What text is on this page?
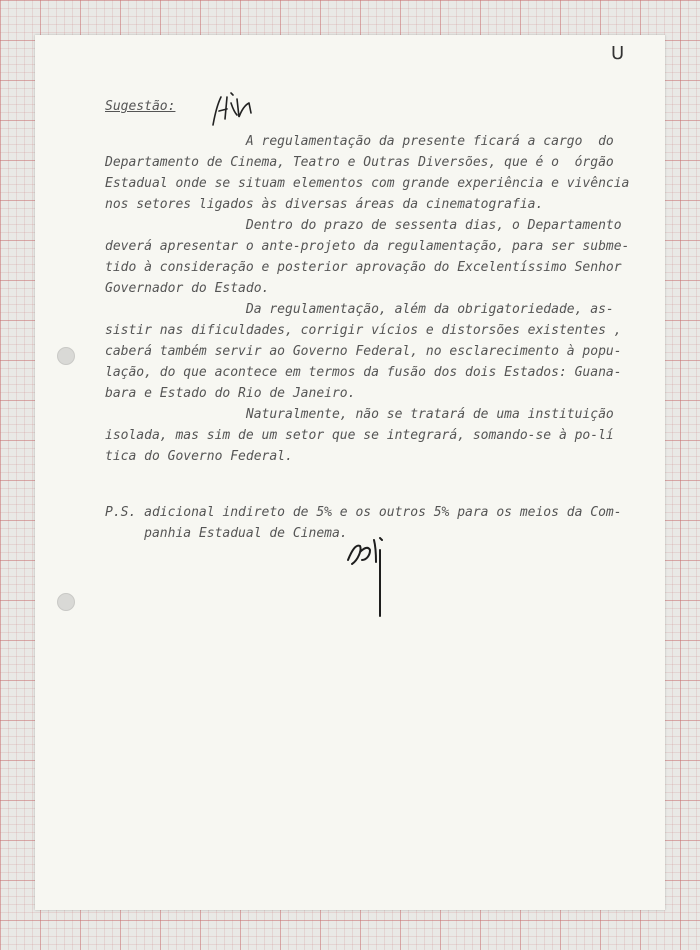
U
Sugestão:

A regulamentação da presente ficará a cargo  do
Departamento de Cinema, Teatro e Outras Diversões, que é o  órgão
Estadual onde se situam elementos com grande experiência e vivência
nos setores ligados às diversas áreas da cinematografia.

Dentro do prazo de sessenta dias, o Departamento
deverá apresentar o ante-projeto da regulamentação, para ser subme-
tido à consideração e posterior aprovação do Excelentíssimo Senhor
Governador do Estado.

Da regulamentação, além da obrigatoriedade, as-
sistir nas dificuldades, corrigir vícios e distorsões existentes ,
caberá também servir ao Governo Federal, no esclarecimento à popu-
lação, do que acontece em termos da fusão dos dois Estados: Guana-
bara e Estado do Rio de Janeiro.

Naturalmente, não se tratará de uma instituição
isolada, mas sim de um setor que se integrará, somando-se à po-lí
tica do Governo Federal.

P.S. adicional indireto de 5% e os outros 5% para os meios da Com-
panhia Estadual de Cinema.
